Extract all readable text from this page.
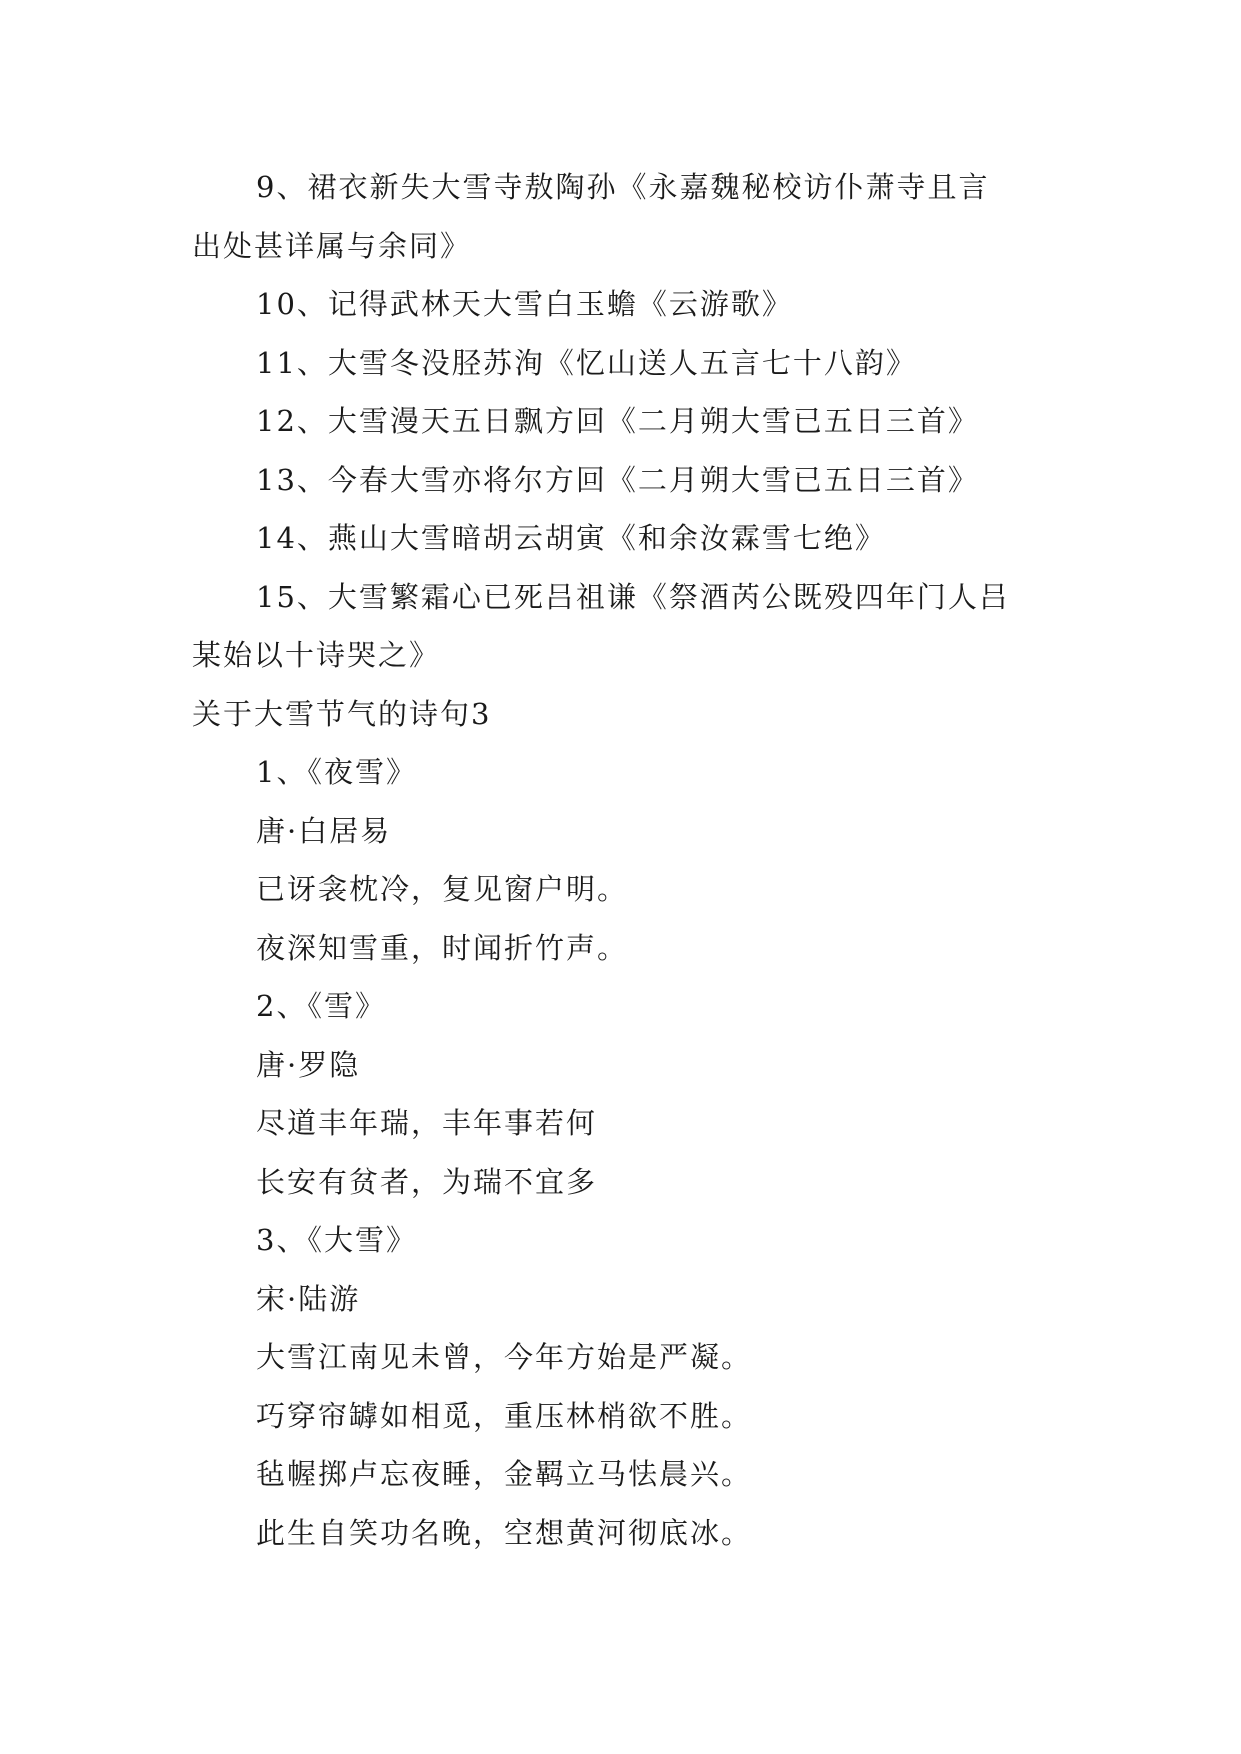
9、裙衣新失大雪寺敖陶孙《永嘉魏秘校访仆萧寺且言
出处甚详属与余同》
10、记得武林天大雪白玉蟾《云游歌》
11、大雪冬没胫苏洵《忆山送人五言七十八韵》
12、大雪漫天五日飘方回《二月朔大雪已五日三首》
13、今春大雪亦将尔方回《二月朔大雪已五日三首》
14、燕山大雪暗胡云胡寅《和余汝霖雪七绝》
15、大雪繁霜心已死吕祖谦《祭酒芮公既殁四年门人吕
某始以十诗哭之》
关于大雪节气的诗句3
1、《夜雪》
唐·白居易
已讶衾枕冷，复见窗户明。
夜深知雪重，时闻折竹声。
2、《雪》
唐·罗隐
尽道丰年瑞，丰年事若何
长安有贫者，为瑞不宜多
3、《大雪》
宋·陆游
大雪江南见未曾，今年方始是严凝。
巧穿帘罅如相觅，重压林梢欲不胜。
毡幄掷卢忘夜睡，金羁立马怯晨兴。
此生自笑功名晚，空想黄河彻底冰。
